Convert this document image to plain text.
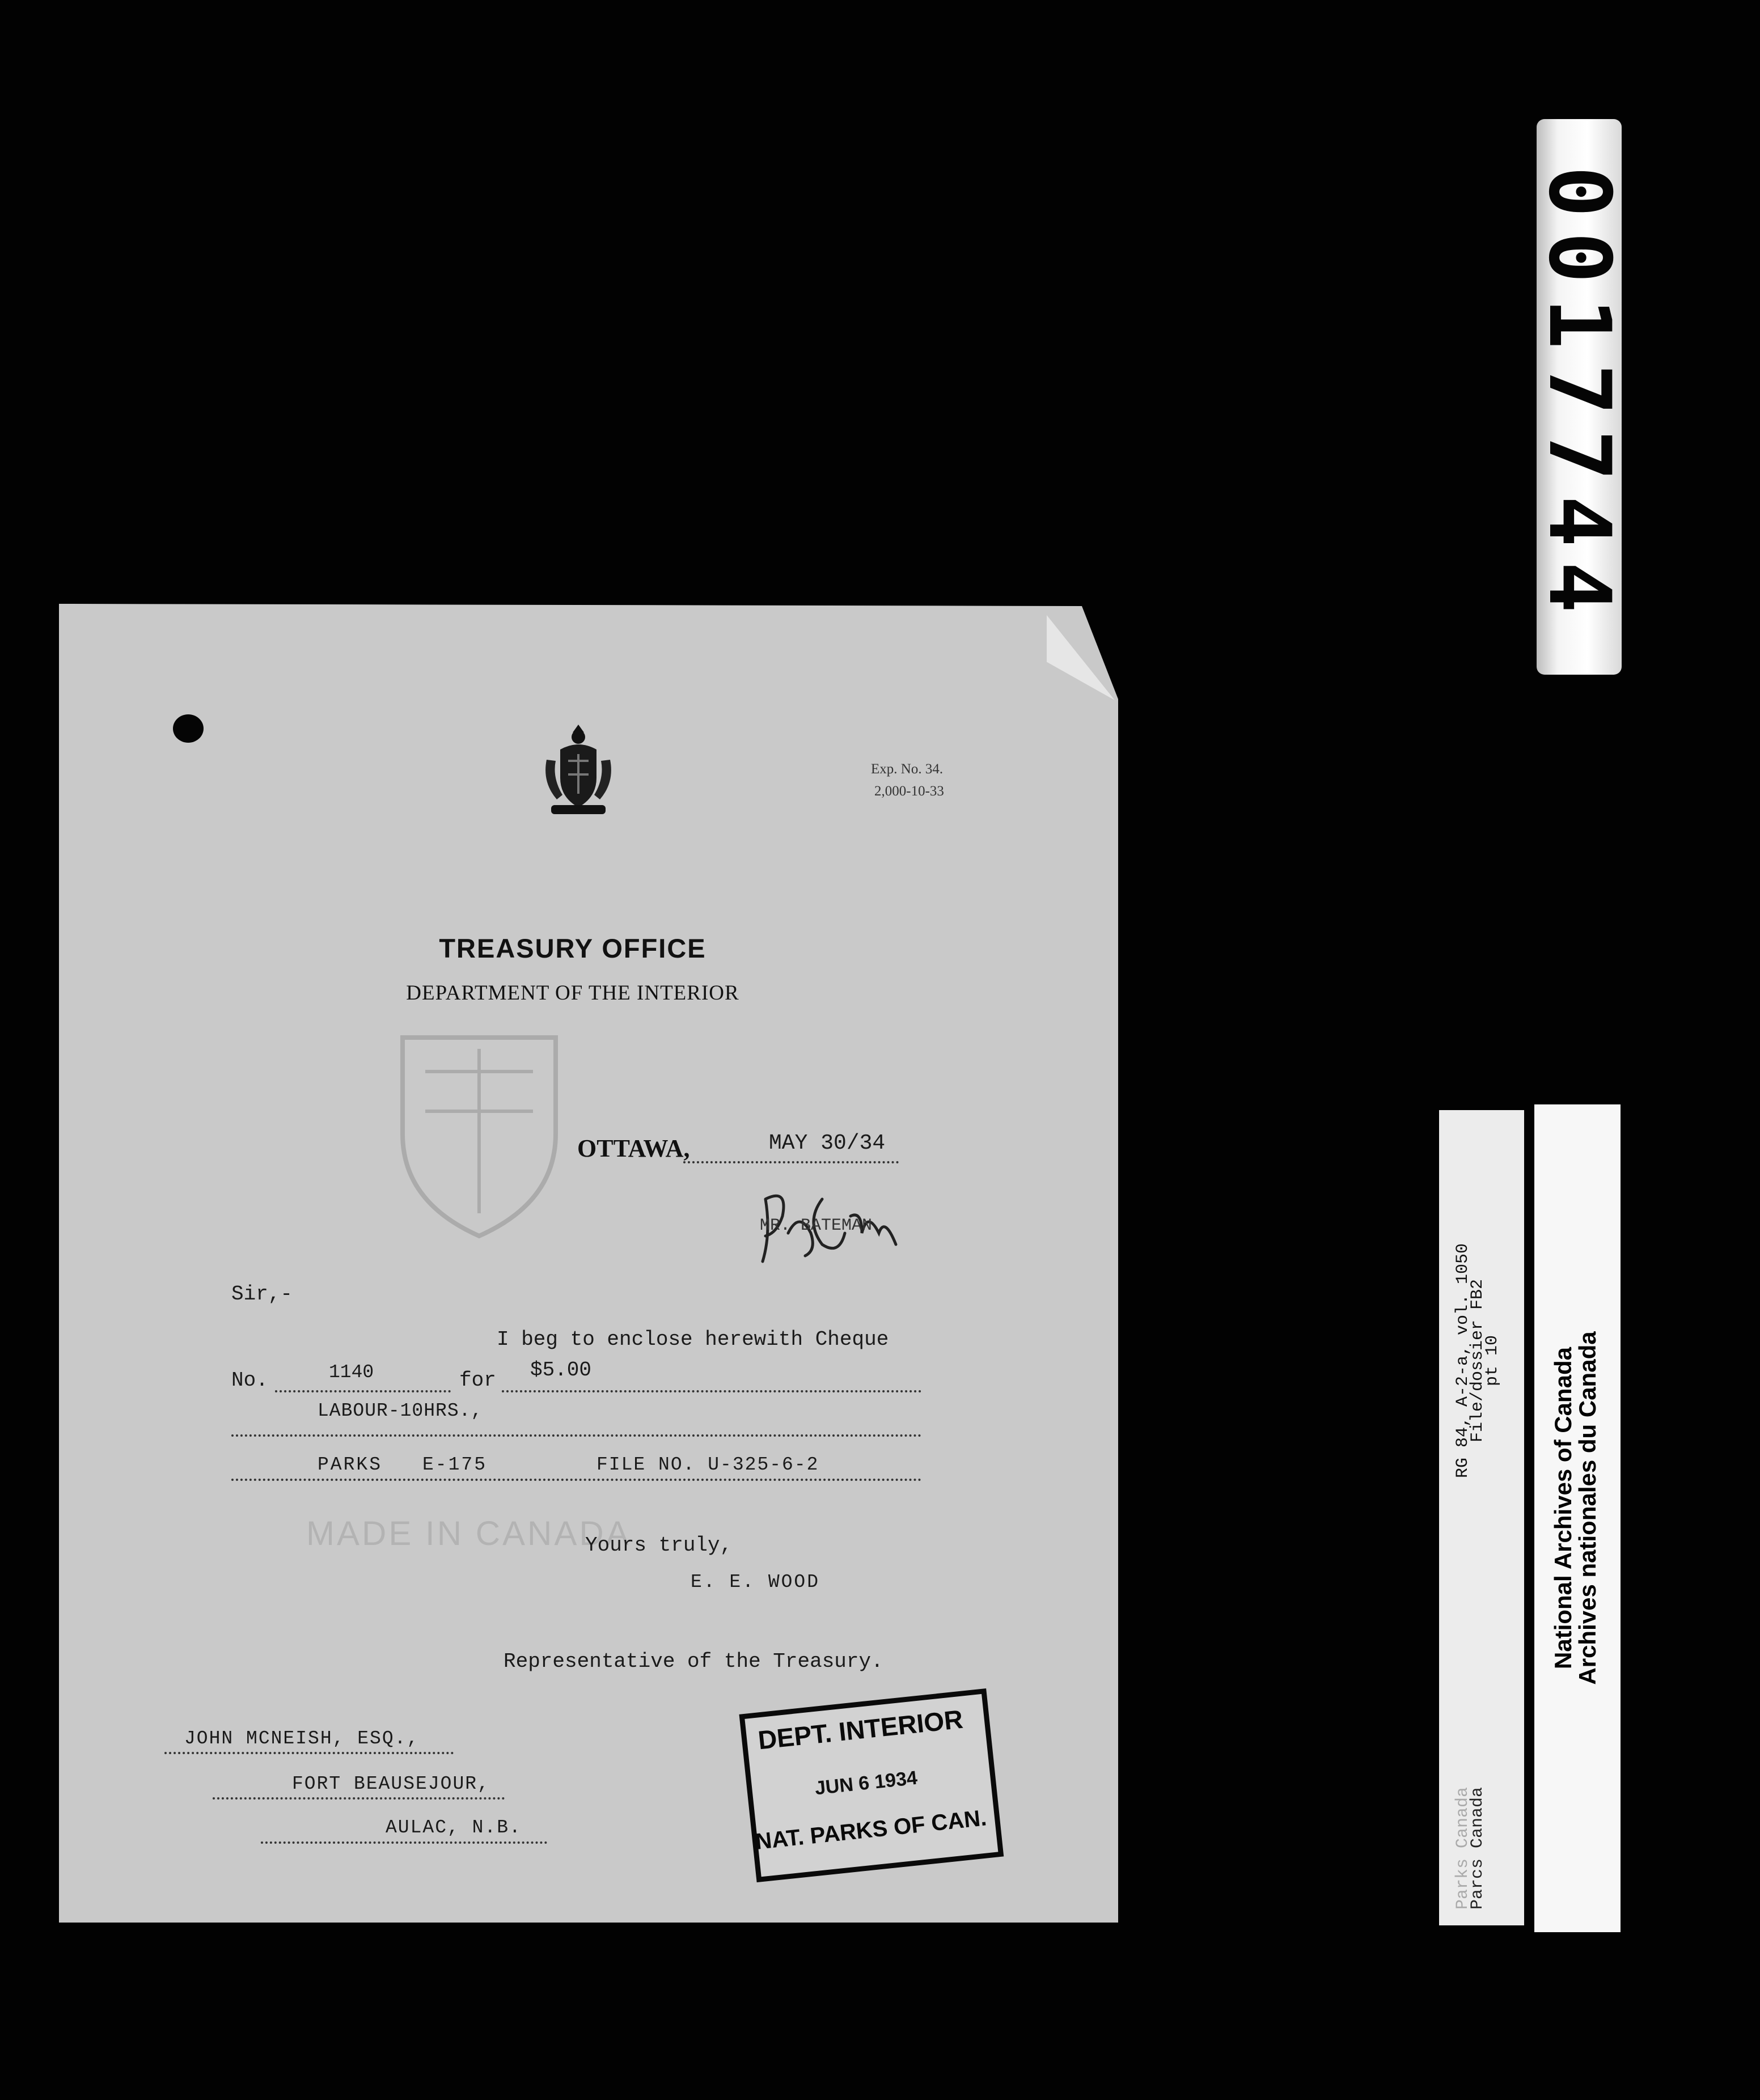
0017744
RG 84, A-2-a, vol. 1050
File/dossier FB2
pt 10
Parks Canada
Parcs Canada
National Archives of Canada
Archives nationales du Canada
Exp. No. 34.
2,000-10-33
TREASURY OFFICE
DEPARTMENT OF THE INTERIOR
MADE IN CANADA
OTTAWA,	MAY 30/34
MR. BATEMAN
Sir,-
I beg to enclose herewith Cheque
No.	1140	for $5.00
LABOUR-10HRS.,
PARKS E-175	FILE NO. U-325-6-2
Yours truly,
E. E. WOOD
Representative of the Treasury.
JOHN MCNEISH, ESQ.,
FORT BEAUSEJOUR,
AULAC, N.B.
DEPT. INTERIOR
JUN 6 1934
NAT. PARKS OF CAN.
